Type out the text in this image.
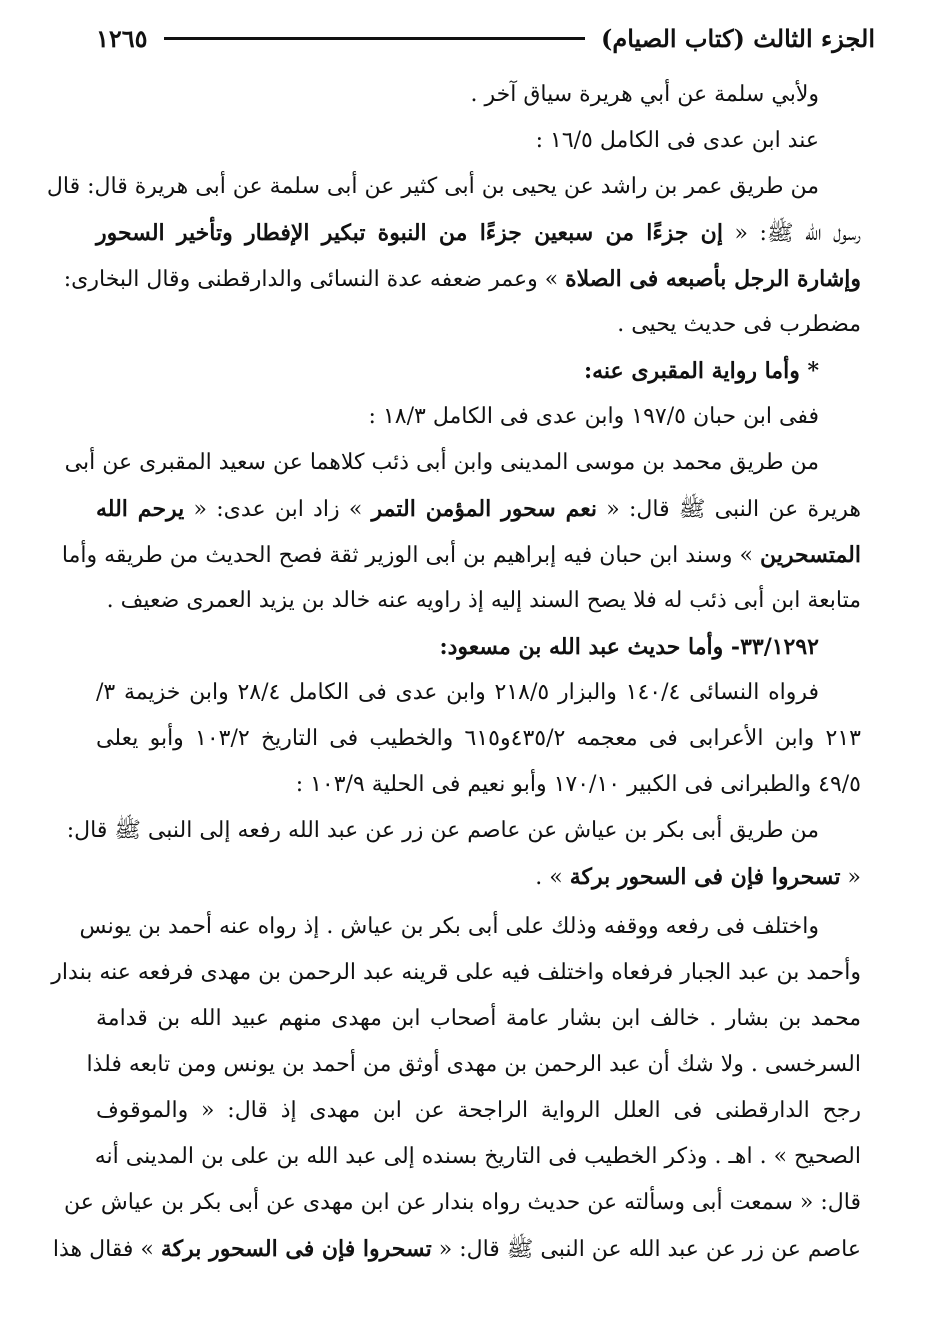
الجزء الثالث (كتاب الصيام)
١٢٦٥
ولأبي سلمة عن أبي هريرة سياق آخر .
عند ابن عدى فى الكامل ١٦/٥ :
من طريق عمر بن راشد عن يحيى بن أبى كثير عن أبى سلمة عن أبى هريرة قال: قال
رسول الله ﷺ: « إن جزءًا من سبعين جزءًا من النبوة تبكير الإفطار وتأخير السحور
وإشارة الرجل بأصبعه فى الصلاة » وعمر ضعفه عدة النسائى والدارقطنى وقال البخارى:
مضطرب فى حديث يحيى .
* وأما رواية المقبرى عنه:
ففى ابن حبان ١٩٧/٥ وابن عدى فى الكامل ١٨/٣ :
من طريق محمد بن موسى المدينى وابن أبى ذئب كلاهما عن سعيد المقبرى عن أبى
هريرة عن النبى ﷺ قال: « نعم سحور المؤمن التمر » زاد ابن عدى: « يرحم الله
المتسحرين » وسند ابن حبان فيه إبراهيم بن أبى الوزير ثقة فصح الحديث من طريقه وأما
متابعة ابن أبى ذئب له فلا يصح السند إليه إذ راويه عنه خالد بن يزيد العمرى ضعيف .
٣٣/١٢٩٢- وأما حديث عبد الله بن مسعود:
فرواه النسائى ١٤٠/٤ والبزار ٢١٨/٥ وابن عدى فى الكامل ٢٨/٤ وابن خزيمة ٣/
٢١٣ وابن الأعرابى فى معجمه ٤٣٥/٢و٦١٥ والخطيب فى التاريخ ١٠٣/٢ وأبو يعلى
٤٩/٥ والطبرانى فى الكبير ١٧٠/١٠ وأبو نعيم فى الحلية ١٠٣/٩ :
من طريق أبى بكر بن عياش عن عاصم عن زر عن عبد الله رفعه إلى النبى ﷺ قال:
« تسحروا فإن فى السحور بركة » .
واختلف فى رفعه ووقفه وذلك على أبى بكر بن عياش . إذ رواه عنه أحمد بن يونس
وأحمد بن عبد الجبار فرفعاه واختلف فيه على قرينه عبد الرحمن بن مهدى فرفعه عنه بندار
محمد بن بشار . خالف ابن بشار عامة أصحاب ابن مهدى منهم عبيد الله بن قدامة
السرخسى . ولا شك أن عبد الرحمن بن مهدى أوثق من أحمد بن يونس ومن تابعه فلذا
رجح الدارقطنى فى العلل الرواية الراجحة عن ابن مهدى إذ قال: « والموقوف
الصحيح » . اهـ . وذكر الخطيب فى التاريخ بسنده إلى عبد الله بن على بن المدينى أنه
قال: « سمعت أبى وسألته عن حديث رواه بندار عن ابن مهدى عن أبى بكر بن عياش عن
عاصم عن زر عن عبد الله عن النبى ﷺ قال: « تسحروا فإن فى السحور بركة » فقال هذا
